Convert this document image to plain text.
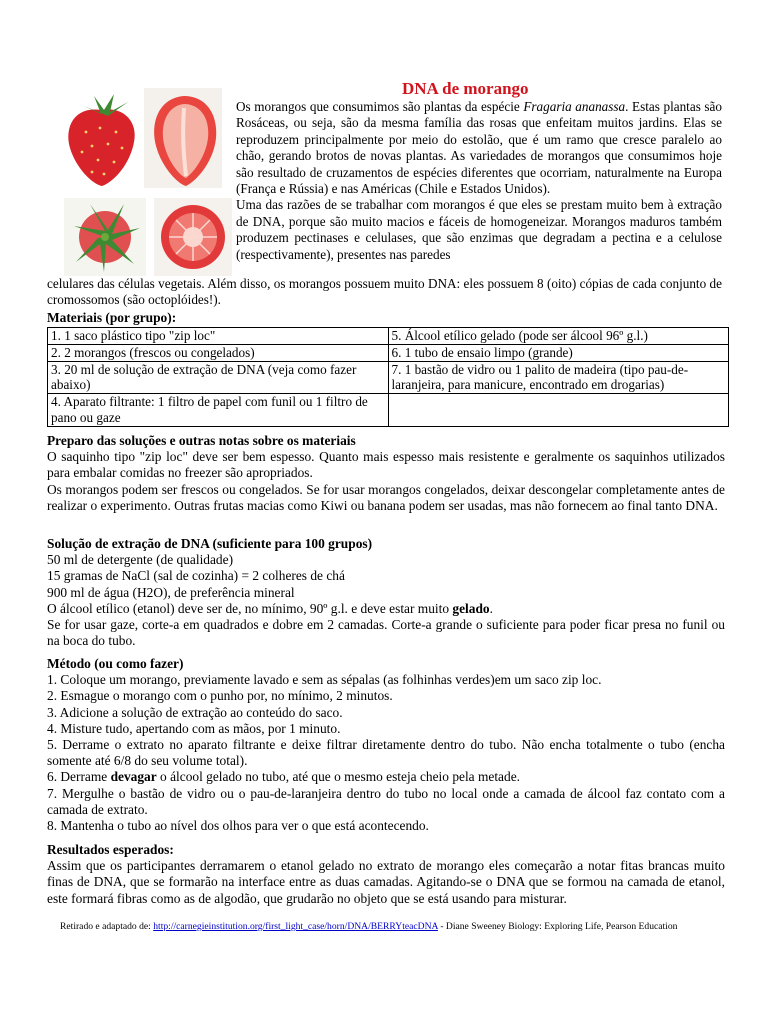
DNA de morango
Os morangos que consumimos são plantas da espécie Fragaria ananassa. Estas plantas são Rosáceas, ou seja, são da mesma família das rosas que enfeitam muitos jardins. Elas se reproduzem principalmente por meio do estolão, que é um ramo que cresce paralelo ao chão, gerando brotos de novas plantas. As variedades de morangos que consumimos hoje são resultado de cruzamentos de espécies diferentes que ocorriam, naturalmente na Europa (França e Rússia) e nas Américas (Chile e Estados Unidos).
Uma das razões de se trabalhar com morangos é que eles se prestam muito bem à extração de DNA, porque são muito macios e fáceis de homogeneizar. Morangos maduros também produzem pectinases e celulases, que são enzimas que degradam a pectina e a celulose (respectivamente), presentes nas paredes
celulares das células vegetais. Além disso, os morangos possuem muito DNA: eles possuem 8 (oito) cópias de cada conjunto de cromossomos (são octoplóides!).
Materiais (por grupo):
1. 1 saco plástico tipo "zip loc"	5. Álcool etílico gelado (pode ser álcool 96º g.l.)
2. 2 morangos (frescos ou congelados)	6. 1 tubo de ensaio limpo (grande)
3. 20 ml de solução de extração de DNA (veja como fazer abaixo)	7. 1 bastão de vidro ou 1 palito de madeira (tipo pau-de-laranjeira, para manicure, encontrado em drogarias)
4. Aparato filtrante: 1 filtro de papel com funil ou 1 filtro de pano ou gaze	

Preparo das soluções e outras notas sobre os materiais

O saquinho tipo "zip loc" deve ser bem espesso. Quanto mais espesso mais resistente e geralmente os saquinhos utilizados para embalar comidas no freezer são apropriados.

Os morangos podem ser frescos ou congelados. Se for usar morangos congelados, deixar descongelar completamente antes de realizar o experimento. Outras frutas macias como Kiwi ou banana podem ser usadas, mas não fornecem ao final tanto DNA.

Solução de extração de DNA (suficiente para 100 grupos)

50 ml de detergente (de qualidade)

15 gramas de NaCl (sal de cozinha) = 2 colheres de chá

900 ml de água (H2O), de preferência mineral

O álcool etílico (etanol) deve ser de, no mínimo, 90º g.l. e deve estar muito gelado.

Se for usar gaze, corte-a em quadrados e dobre em 2 camadas. Corte-a grande o suficiente para poder ficar presa no funil ou na boca do tubo.

Método (ou como fazer)

1. Coloque um morango, previamente lavado e sem as sépalas (as folhinhas verdes)em um saco zip loc.

2. Esmague o morango com o punho por, no mínimo, 2 minutos.

3. Adicione a solução de extração ao conteúdo do saco.

4. Misture tudo, apertando com as mãos, por 1 minuto.

5. Derrame o extrato no aparato filtrante e deixe filtrar diretamente dentro do tubo. Não encha totalmente o tubo (encha somente até 6/8 do seu volume total).

6. Derrame devagar o álcool gelado no tubo, até que o mesmo esteja cheio pela metade.

7. Mergulhe o bastão de vidro ou o pau-de-laranjeira dentro do tubo no local onde a camada de álcool faz contato com a camada de extrato.

8. Mantenha o tubo ao nível dos olhos para ver o que está acontecendo.

Resultados esperados:

Assim que os participantes derramarem o etanol gelado no extrato de morango eles começarão a notar fitas brancas muito finas de DNA, que se formarão na interface entre as duas camadas. Agitando-se o DNA que se formou na camada de etanol, este formará fibras como as de algodão, que grudarão no objeto que se está usando para misturar.

Retirado e adaptado de: http://carnegieinstitution.org/first_light_case/horn/DNA/BERRYteacDNA - Diane Sweeney Biology: Exploring Life, Pearson Education
